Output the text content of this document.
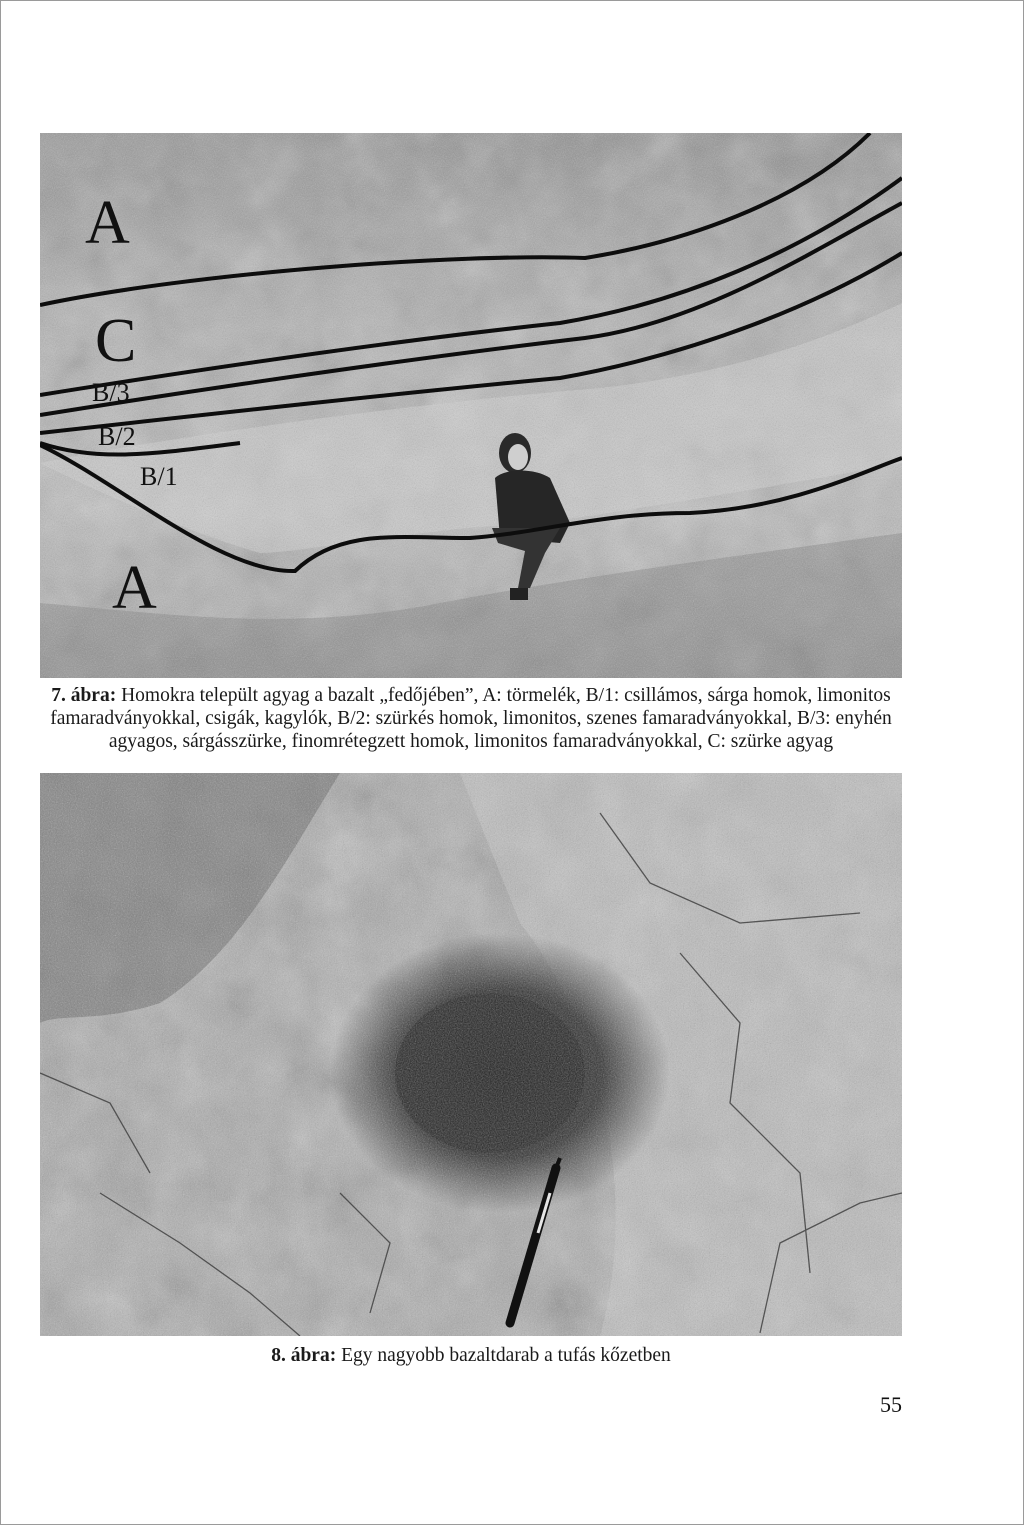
A
C
B/3
B/2
B/1
A
7. ábra: Homokra települt agyag a bazalt „fedőjében”, A: törmelék, B/1: csillámos, sárga homok, limonitos famaradványokkal, csigák, kagylók, B/2: szürkés homok, limonitos, szenes famaradványokkal, B/3: enyhén agyagos, sárgásszürke, finomrétegzett homok, limonitos famaradványokkal, C: szürke agyag
8. ábra: Egy nagyobb bazaltdarab a tufás kőzetben
55
